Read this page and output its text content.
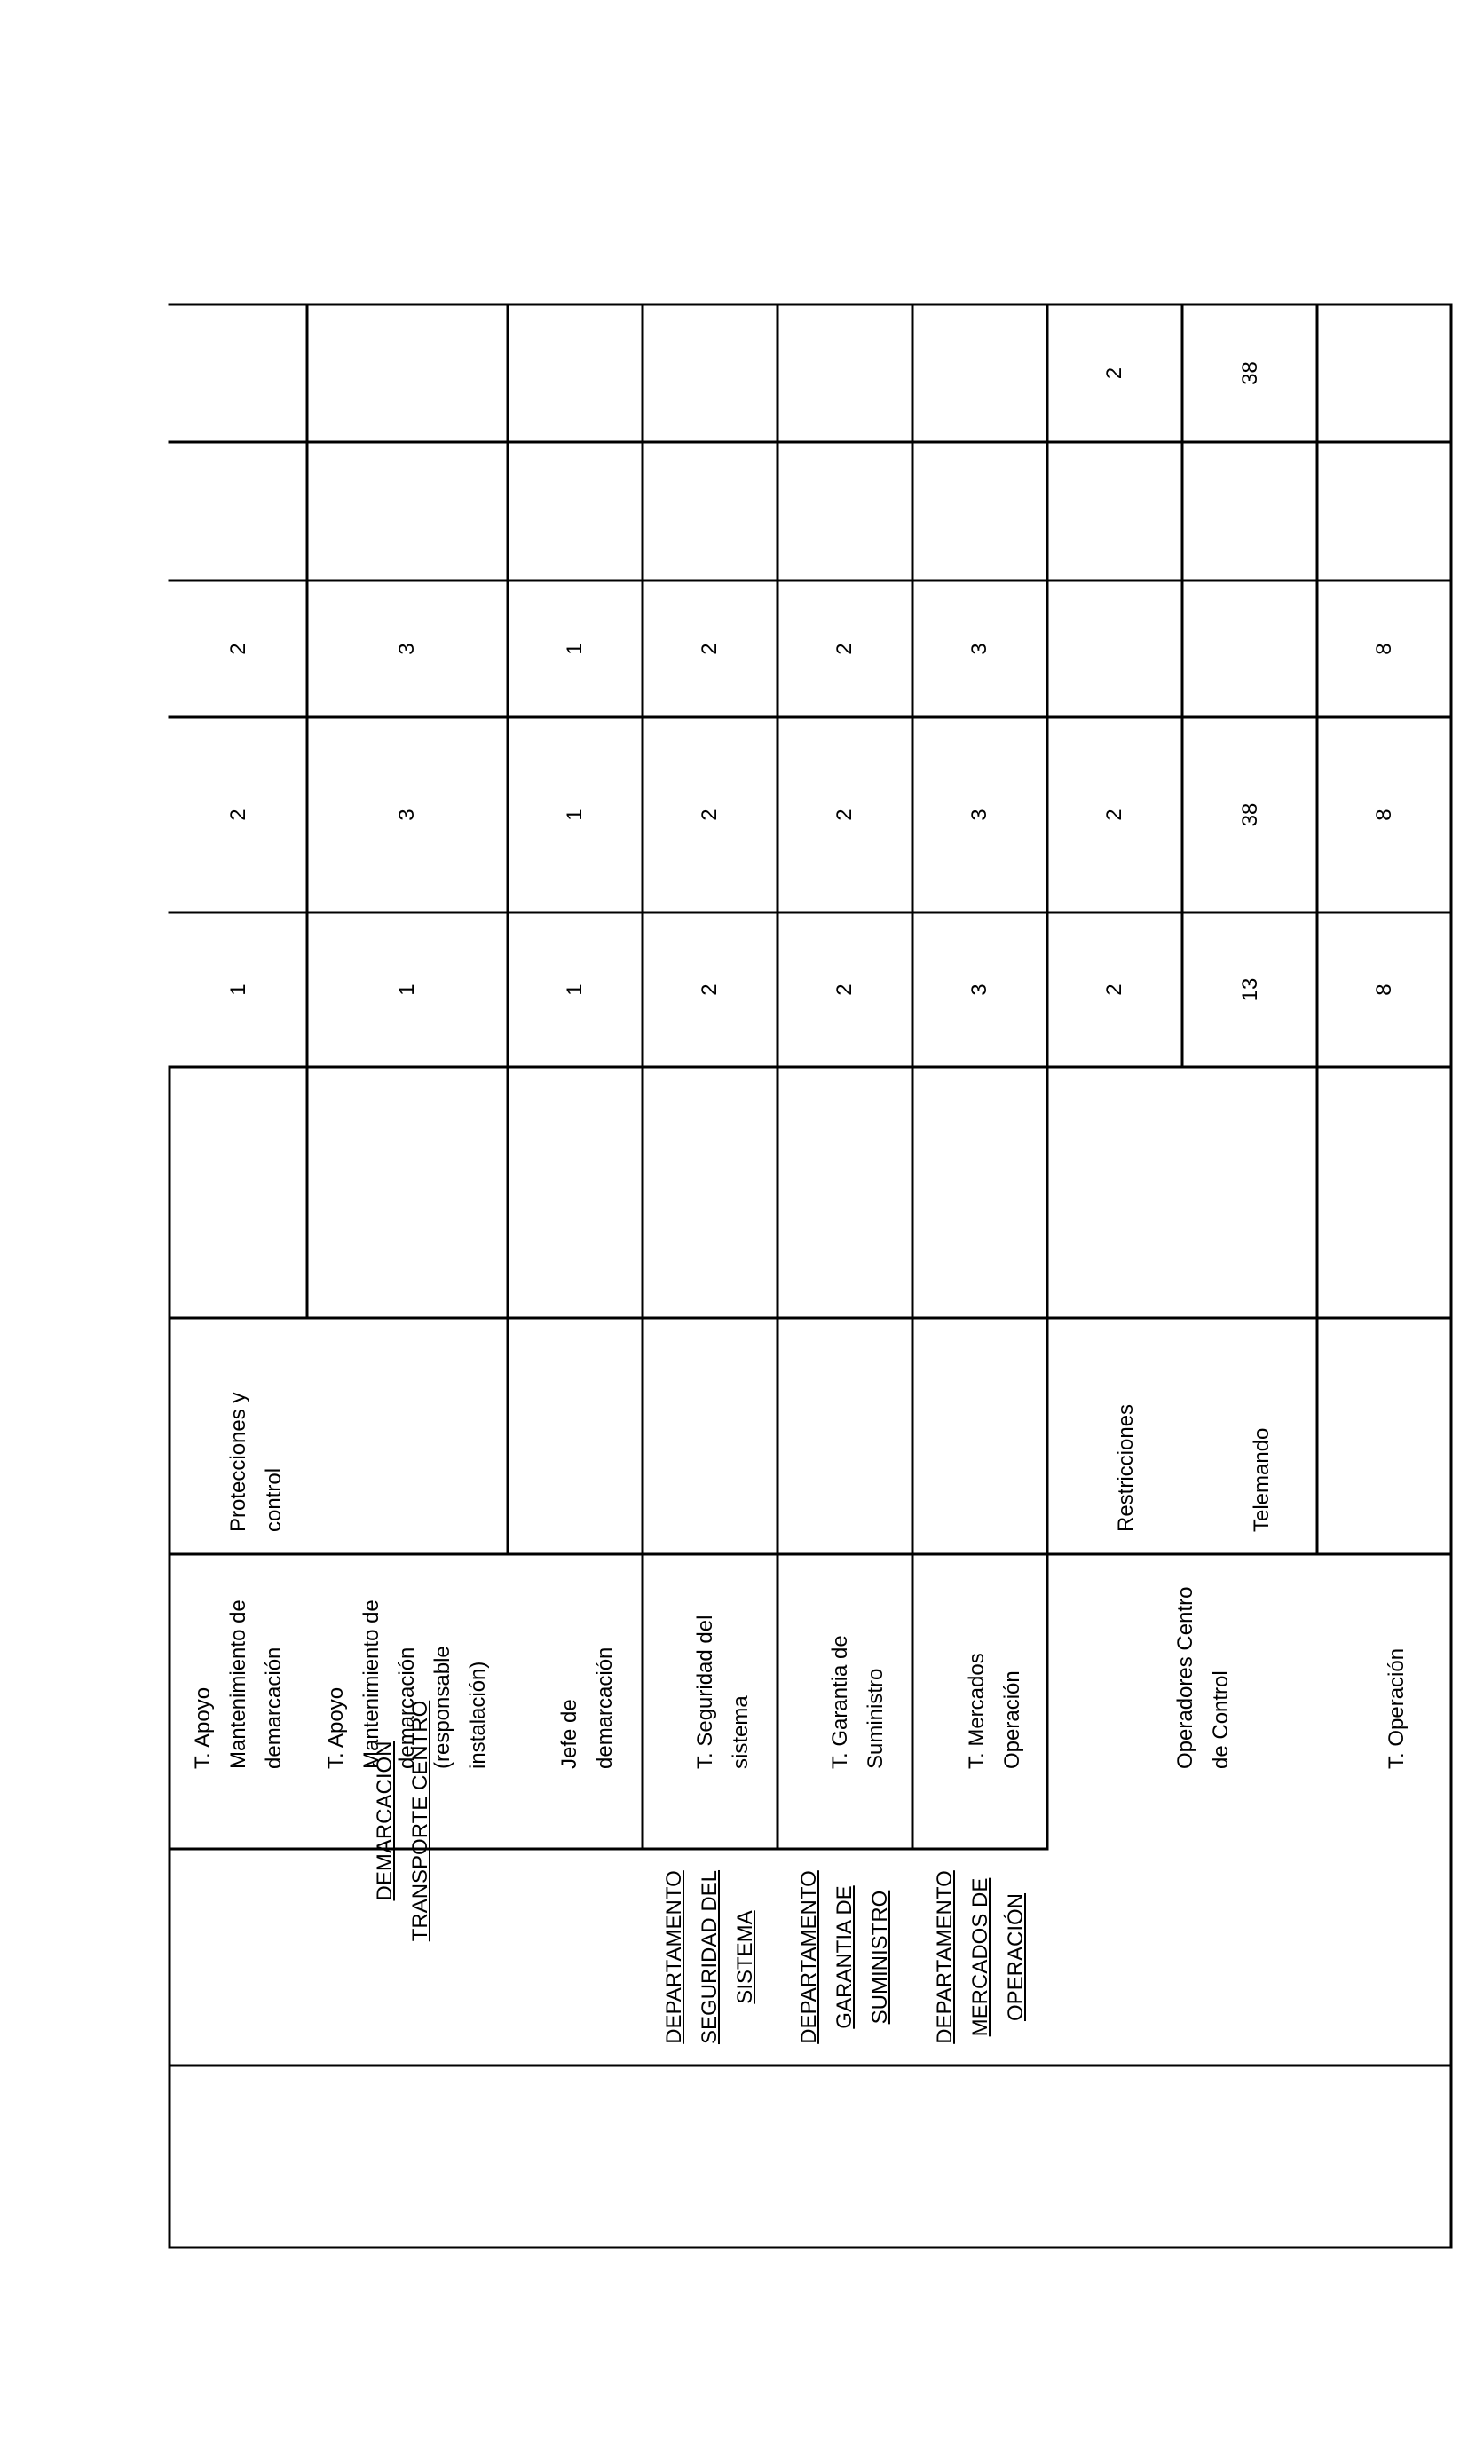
T. Operación
8
8
8
Operadores Centro
de Control
Telemando
13
38
38
Restricciones
2
2
2
DEPARTAMENTO
MERCADOS DE
OPERACIÓN
T. Mercados
Operación
3
3
3
DEPARTAMENTO
GARANTIA DE
SUMINISTRO
T. Garantia de
Suministro
2
2
2
DEPARTAMENTO
SEGURIDAD DEL
SISTEMA
T. Seguridad del
sistema
2
2
2
DEMARCACIÓN
TRANSPORTE CENTRO	Jefe de
demarcación
1
1
1
T. Apoyo
Mantenimiento de
demarcación
(responsable
instalación)
1
3
3
T. Apoyo
Mantenimiento de
demarcación
Protecciones y
control
1
2
2
